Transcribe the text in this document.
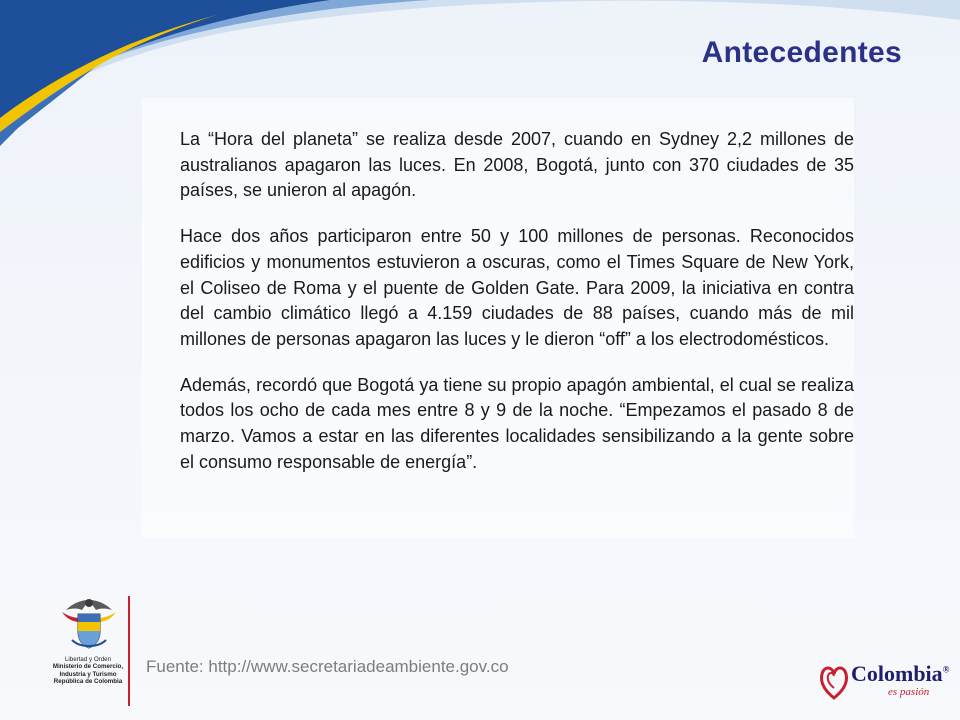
Antecedentes

La “Hora del planeta” se realiza desde 2007, cuando en Sydney 2,2 millones de australianos apagaron las luces. En 2008, Bogotá, junto con 370 ciudades de 35 países, se unieron al apagón.

Hace dos años participaron entre 50 y 100 millones de personas. Reconocidos edificios y monumentos estuvieron a oscuras, como el Times Square de New York, el Coliseo de Roma y el puente de Golden Gate. Para 2009, la iniciativa en contra del cambio climático llegó a 4.159 ciudades de 88 países, cuando más de mil millones de personas apagaron las luces y le dieron “off” a los electrodomésticos.

Además, recordó que Bogotá ya tiene su propio apagón ambiental, el cual se realiza todos los ocho de cada mes entre 8 y 9 de la noche. “Empezamos el pasado 8 de marzo. Vamos a estar en las diferentes localidades sensibilizando a la gente sobre el consumo responsable de energía”.

Libertad y Orden
Ministerio de Comercio,
Industria y Turismo
República de Colombia
Fuente: http://www.secretariadeambiente.gov.co	Colombia®
es pasión
